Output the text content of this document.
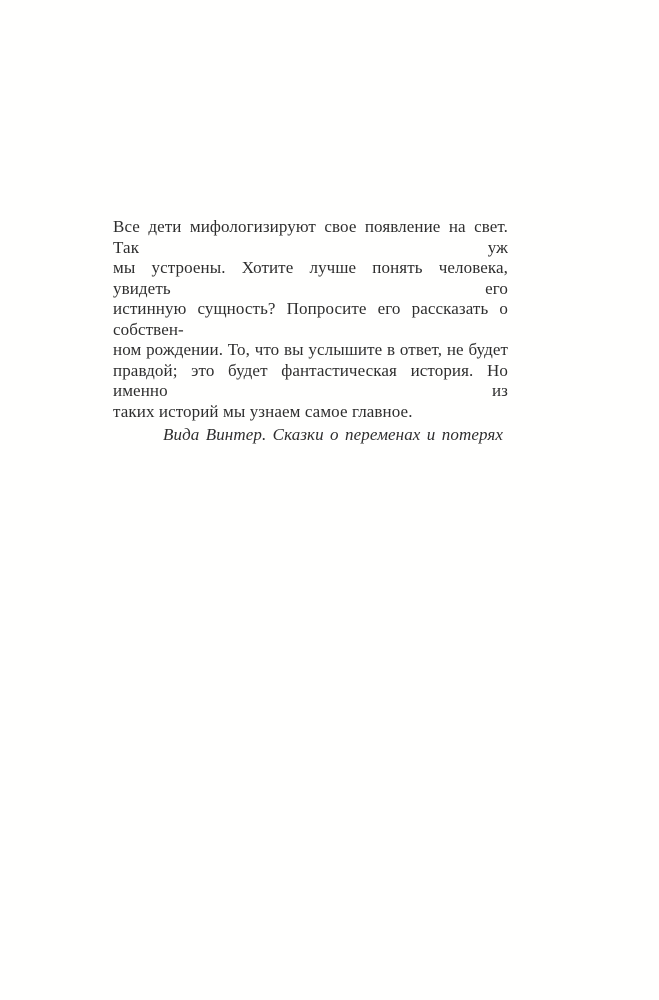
Все дети мифологизируют свое появление на свет. Так уж
мы устроены. Хотите лучше понять человека, увидеть его
истинную сущность? Попросите его рассказать о собствен-
ном рождении. То, что вы услышите в ответ, не будет
правдой; это будет фантастическая история. Но именно из
таких историй мы узнаем самое главное.
Вида Винтер. Сказки о переменах и потерях
